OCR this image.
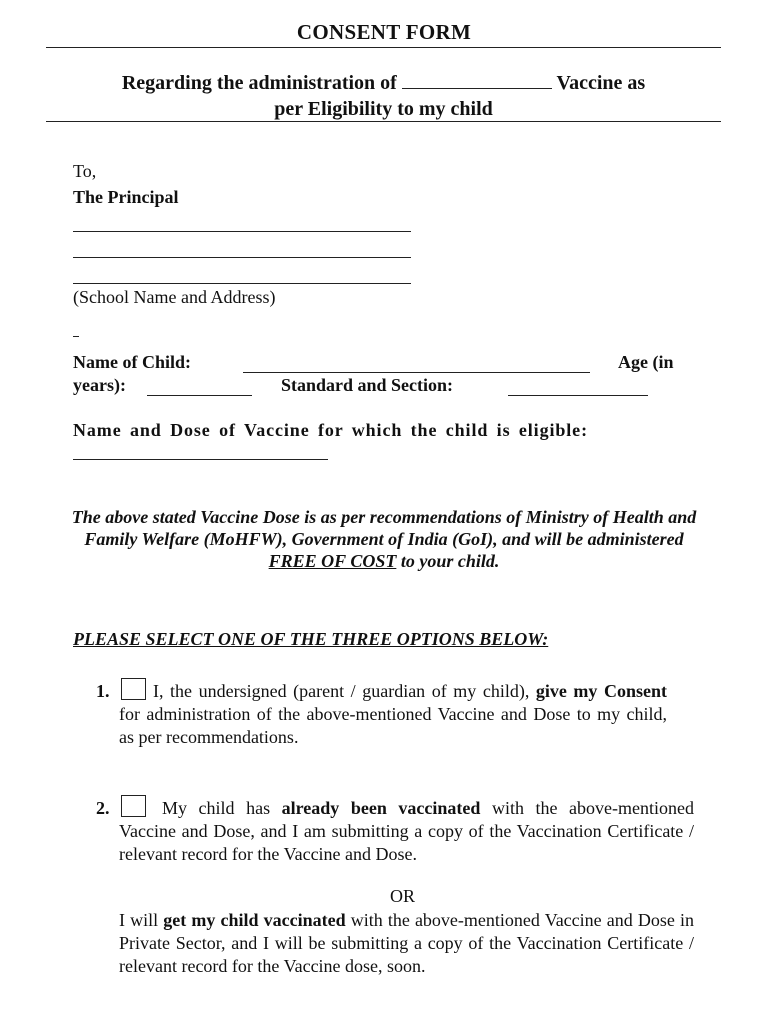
CONSENT FORM
Regarding the administration of	Vaccine as
per Eligibility to my child
To,
The Principal
(School Name and Address)
Name of Child:	Age (in
years):	Standard and Section:
Name and Dose of Vaccine for which the child is eligible:
The above stated Vaccine Dose is as per recommendations of Ministry of Health and Family Welfare (MoHFW), Government of India (GoI), and will be administered FREE OF COST to your child.
PLEASE SELECT ONE OF THE THREE OPTIONS BELOW:
1.	I, the undersigned (parent / guardian of my child), give my Consent for administration of the above-mentioned Vaccine and Dose to my child, as per recommendations.
2.	My child has already been vaccinated with the above-mentioned Vaccine and Dose, and I am submitting a copy of the Vaccination Certificate / relevant record for the Vaccine and Dose.
OR
I will get my child vaccinated with the above-mentioned Vaccine and Dose in Private Sector, and I will be submitting a copy of the Vaccination Certificate / relevant record for the Vaccine dose, soon.
